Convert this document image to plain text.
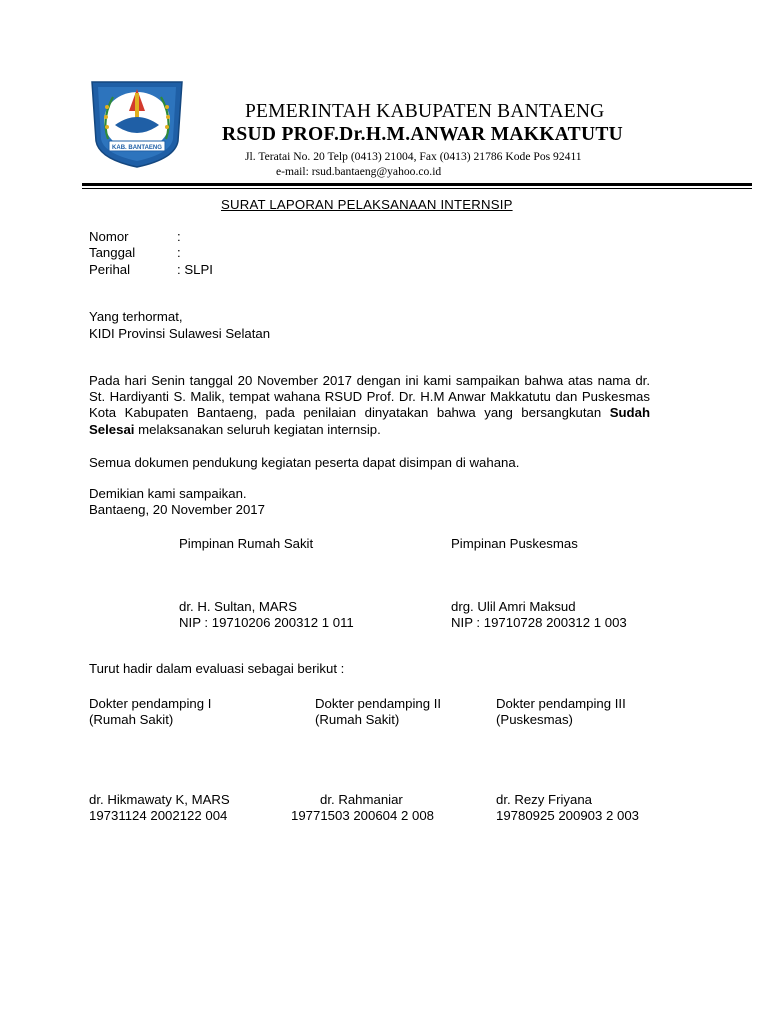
KAB. BANTAENG
PEMERINTAH KABUPATEN BANTAENG
RSUD PROF.Dr.H.M.ANWAR MAKKATUTU
Jl. Teratai No. 20 Telp (0413) 21004, Fax (0413) 21786 Kode Pos 92411
e-mail: rsud.bantaeng@yahoo.co.id
SURAT LAPORAN PELAKSANAAN INTERNSIP
Nomor	:
Tanggal	:
Perihal	: SLPI
Yang terhormat,
KIDI Provinsi Sulawesi Selatan
Pada hari Senin tanggal 20 November 2017 dengan ini kami sampaikan bahwa atas nama dr. St. Hardiyanti S. Malik, tempat wahana RSUD Prof. Dr. H.M Anwar Makkatutu dan Puskesmas Kota Kabupaten Bantaeng, pada penilaian dinyatakan bahwa yang bersangkutan Sudah Selesai melaksanakan seluruh kegiatan internsip.
Semua dokumen pendukung kegiatan peserta dapat disimpan di wahana.
Demikian kami sampaikan.
Bantaeng, 20 November 2017
Pimpinan Rumah Sakit	Pimpinan Puskesmas
dr. H. Sultan, MARS	drg. Ulil Amri Maksud
NIP : 19710206 200312 1 011	NIP : 19710728 200312 1 003
Turut hadir dalam evaluasi sebagai berikut :
Dokter pendamping I	Dokter pendamping II	Dokter pendamping III
(Rumah Sakit)	(Rumah Sakit)	(Puskesmas)
dr. Hikmawaty K, MARS	dr. Rahmaniar	dr. Rezy Friyana
19731124 2002122 004	19771503 200604 2 008	19780925 200903 2 003
